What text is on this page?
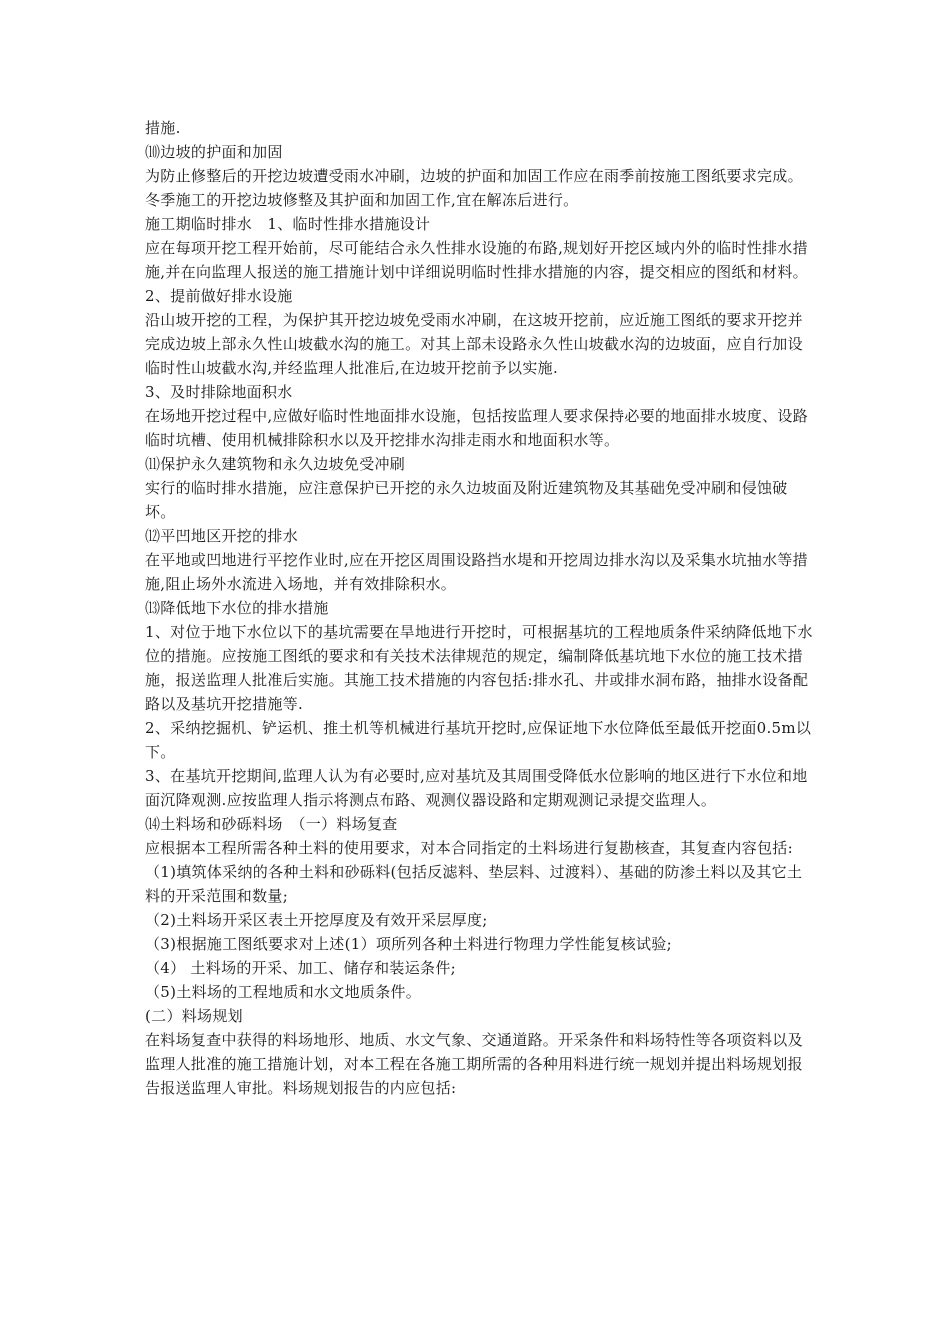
措施.

⑽边坡的护面和加固

为防止修整后的开挖边坡遭受雨水冲刷，边坡的护面和加固工作应在雨季前按施工图纸要求完成。冬季施工的开挖边坡修整及其护面和加固工作,宜在解冻后进行。

施工期临时排水　1、临时性排水措施设计

应在每项开挖工程开始前，尽可能结合永久性排水设施的布路,规划好开挖区域内外的临时性排水措施,并在向监理人报送的施工措施计划中详细说明临时性排水措施的内容，提交相应的图纸和材料。

2、提前做好排水设施

沿山坡开挖的工程，为保护其开挖边坡免受雨水冲刷，在这坡开挖前，应近施工图纸的要求开挖并完成边坡上部永久性山坡截水沟的施工。对其上部未设路永久性山坡截水沟的边坡面，应自行加设临时性山坡截水沟,并经监理人批准后,在边坡开挖前予以实施.

3、及时排除地面积水

在场地开挖过程中,应做好临时性地面排水设施，包括按监理人要求保持必要的地面排水坡度、设路临时坑槽、使用机械排除积水以及开挖排水沟排走雨水和地面积水等。

⑾保护永久建筑物和永久边坡免受冲刷

实行的临时排水措施，应注意保护已开挖的永久边坡面及附近建筑物及其基础免受冲刷和侵蚀破坏。

⑿平凹地区开挖的排水

在平地或凹地进行平挖作业时,应在开挖区周围设路挡水堤和开挖周边排水沟以及采集水坑抽水等措施,阻止场外水流进入场地，并有效排除积水。

⒀降低地下水位的排水措施

1、对位于地下水位以下的基坑需要在旱地进行开挖时，可根据基坑的工程地质条件采纳降低地下水位的措施。应按施工图纸的要求和有关技术法律规范的规定，编制降低基坑地下水位的施工技术措施，报送监理人批准后实施。其施工技术措施的内容包括:排水孔、井或排水洞布路，抽排水设备配路以及基坑开挖措施等.

2、采纳挖掘机、铲运机、推土机等机械进行基坑开挖时,应保证地下水位降低至最低开挖面0.5m以下。

3、在基坑开挖期间,监理人认为有必要时,应对基坑及其周围受降低水位影响的地区进行下水位和地面沉降观测.应按监理人指示将测点布路、观测仪器设路和定期观测记录提交监理人。

⒁土料场和砂砾料场　（一）料场复查

应根据本工程所需各种土料的使用要求，对本合同指定的土料场进行复勘核查，其复查内容包括:

（1)填筑体采纳的各种土料和砂砾料(包括反滤料、垫层料、过渡料）、基础的防渗土料以及其它土料的开采范围和数量;

（2)土料场开采区表土开挖厚度及有效开采层厚度;

（3)根据施工图纸要求对上述(1）项所列各种土料进行物理力学性能复核试验;

（4） 土料场的开采、加工、储存和装运条件;

（5)土料场的工程地质和水文地质条件。

(二）料场规划

在料场复查中获得的料场地形、地质、水文气象、交通道路。开采条件和料场特性等各项资料以及监理人批准的施工措施计划，对本工程在各施工期所需的各种用料进行统一规划并提出料场规划报告报送监理人审批。料场规划报告的内应包括:
